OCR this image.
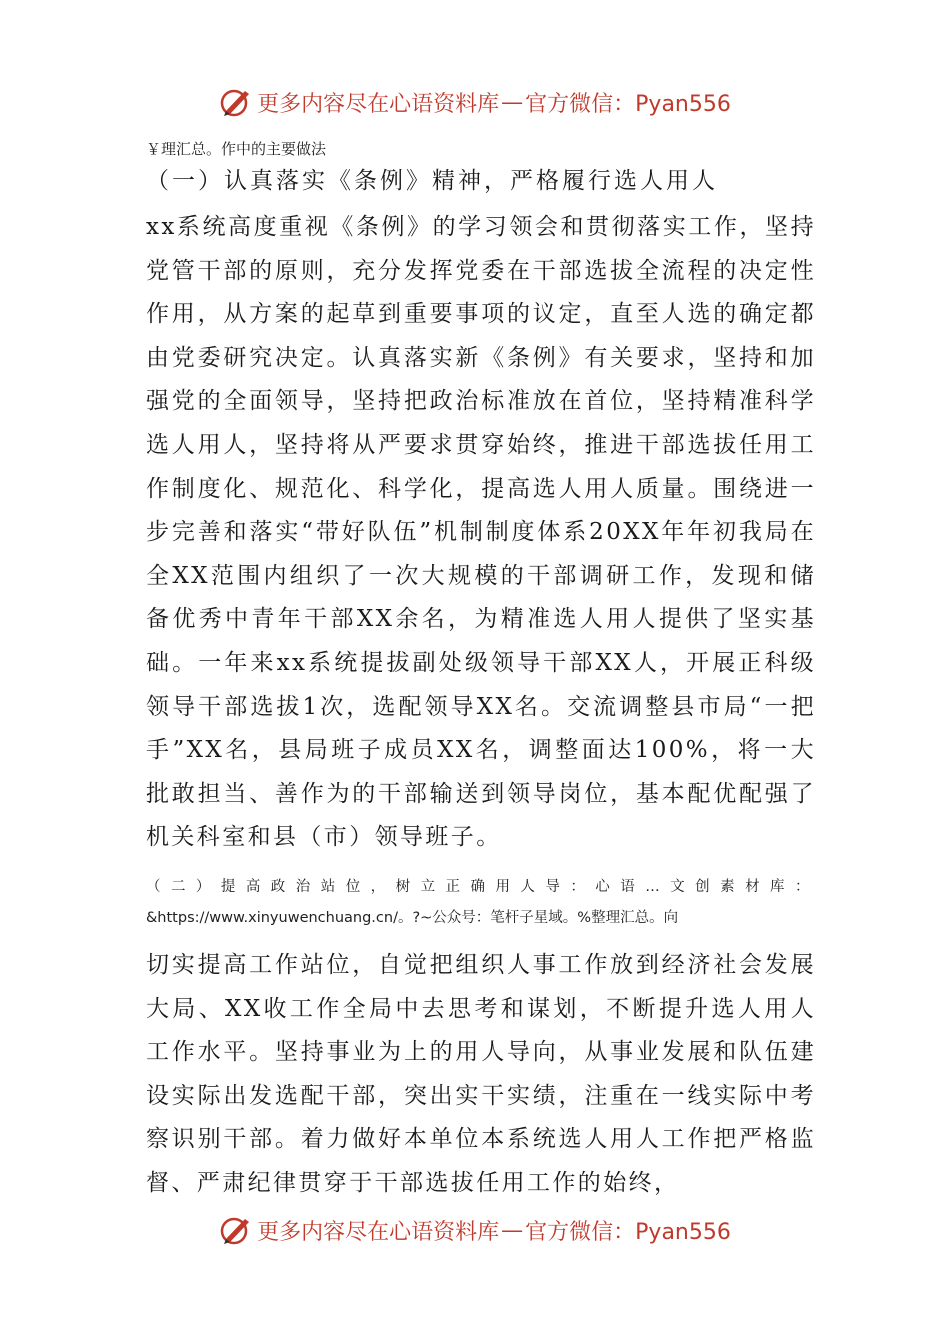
更多内容尽在心语资料库 — 官方微信：Pyan556
￥理汇总。作中的主要做法
（一）认真落实《条例》精神，严格履行选人用人

xx系统高度重视《条例》的学习领会和贯彻落实工作，坚持党管干部的原则，充分发挥党委在干部选拔全流程的决定性作用，从方案的起草到重要事项的议定，直至人选的确定都由党委研究决定。认真落实新《条例》有关要求，坚持和加强党的全面领导，坚持把政治标准放在首位，坚持精准科学选人用人，坚持将从严要求贯穿始终，推进干部选拔任用工作制度化、规范化、科学化，提高选人用人质量。围绕进一步完善和落实“带好队伍”机制制度体系20XX年年初我局在全XX范围内组织了一次大规模的干部调研工作，发现和储备优秀中青年干部XX余名，为精准选人用人提供了坚实基础。一年来xx系统提拔副处级领导干部XX人，开展正科级领导干部选拔1次，选配领导XX名。交流调整县市局“一把手”XX名，县局班子成员XX名，调整面达100%，将一大批敢担当、善作为的干部输送到领导岗位，基本配优配强了机关科室和县（市）领导班子。

（二）提高政治站位，树立正确用人导：心语…文创素材库：&https://www.xinyuwenchuang.cn/。?~公众号：笔杆子星域。%整理汇总。向

切实提高工作站位，自觉把组织人事工作放到经济社会发展大局、XX收工作全局中去思考和谋划，不断提升选人用人工作水平。坚持事业为上的用人导向，从事业发展和队伍建设实际出发选配干部，突出实干实绩，注重在一线实际中考察识别干部。着力做好本单位本系统选人用人工作把严格监督、严肃纪律贯穿于干部选拔任用工作的始终，

更多内容尽在心语资料库 — 官方微信：Pyan556
